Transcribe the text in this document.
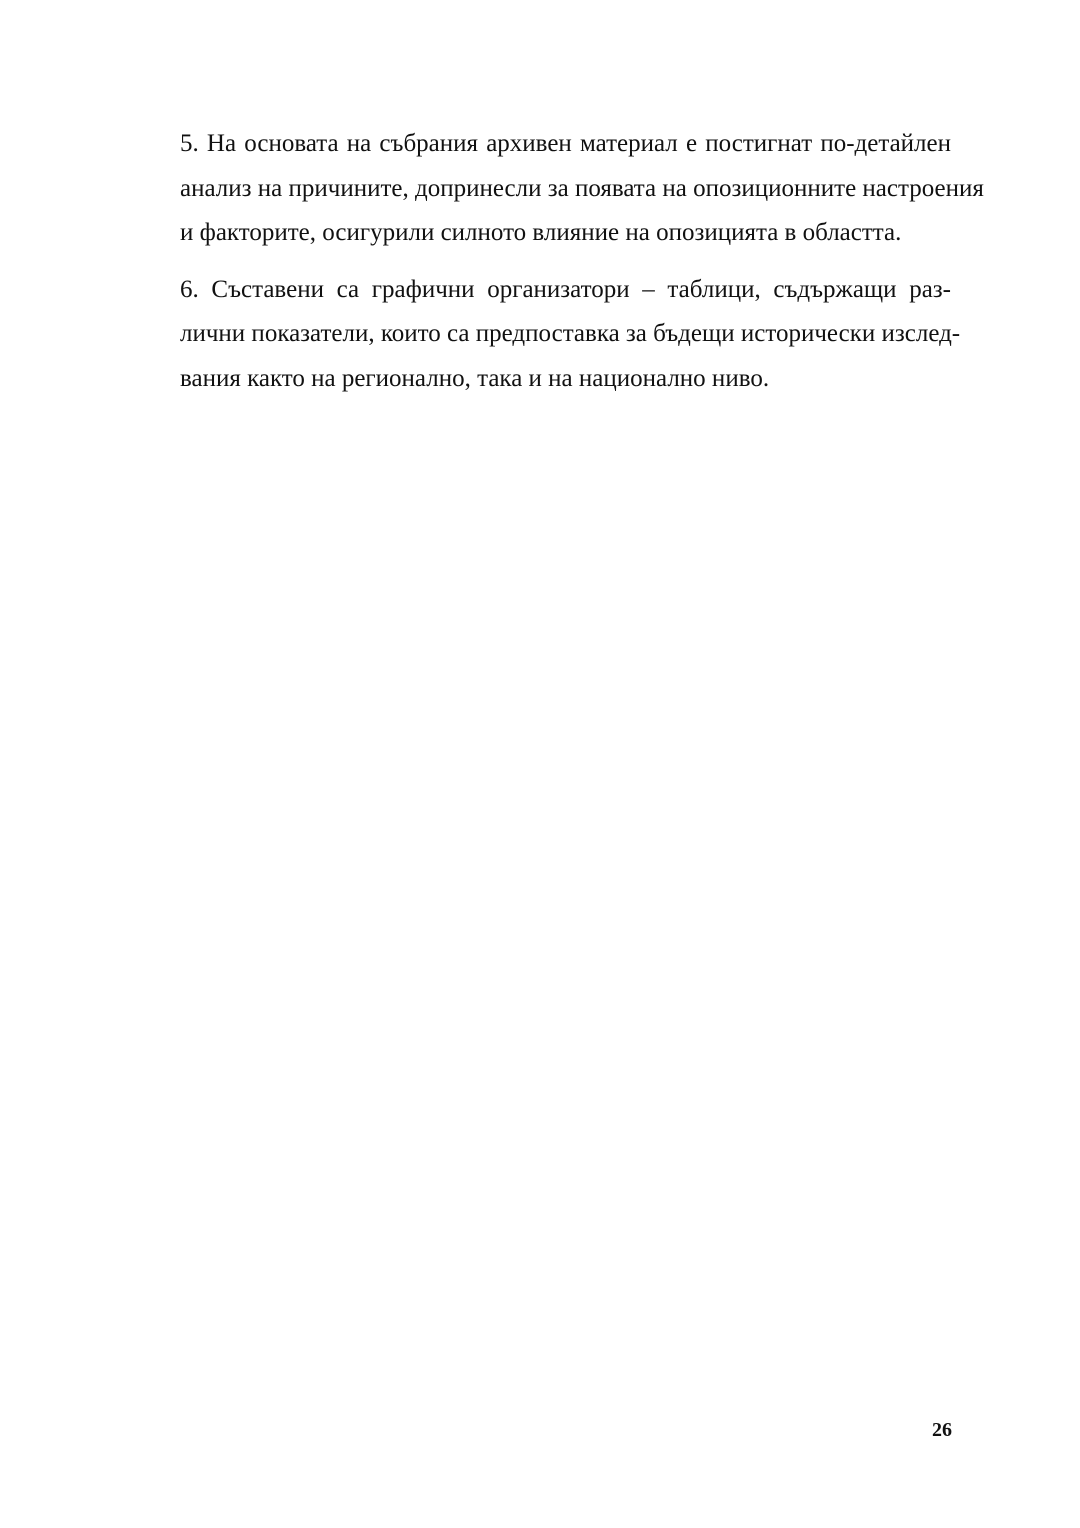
5. На основата на събрания архивен материал е постигнат по-детайлен
анализ на причините, допринесли за появата на опозиционните настроения
и факторите, осигурили силното влияние на опозицията в областта.

6. Съставени са графични организатори – таблици, съдържащи раз-
лични показатели, които са предпоставка за бъдещи исторически изслед-
вания както на регионално, така и на национално ниво.

26
